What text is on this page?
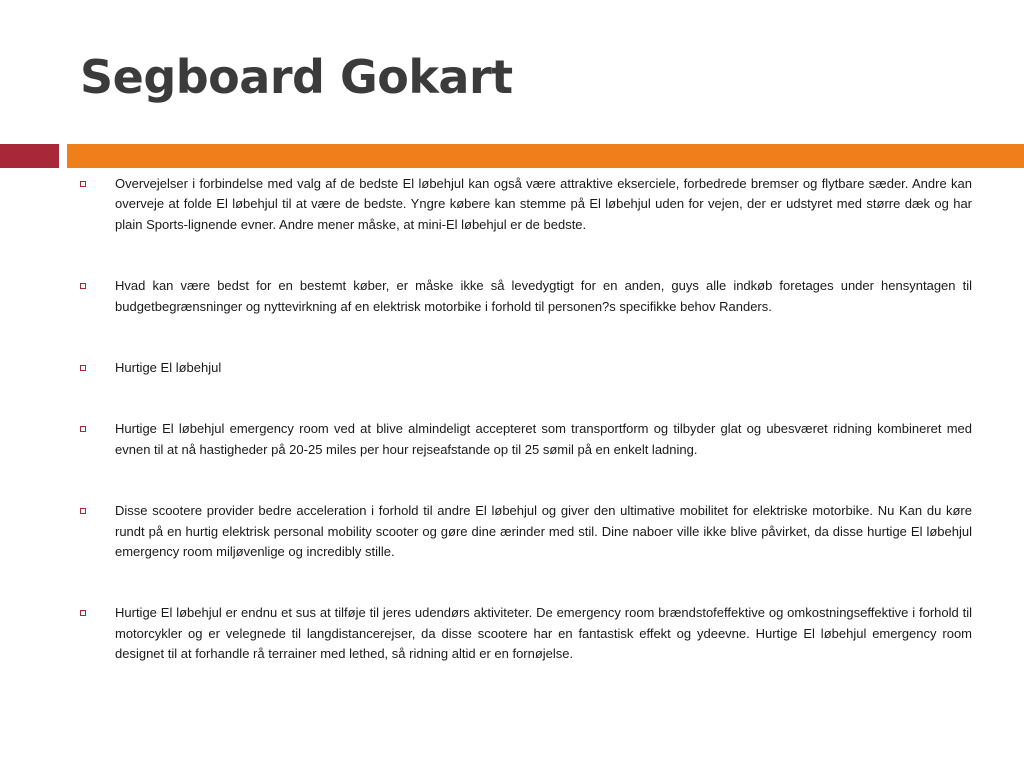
Segboard Gokart
Overvejelser i forbindelse med valg af de bedste El løbehjul kan også være attraktive ekserciele, forbedrede bremser og flytbare sæder. Andre kan overveje at folde El løbehjul til at være de bedste. Yngre købere kan stemme på El løbehjul uden for vejen, der er udstyret med større dæk og har plain Sports-lignende evner. Andre mener måske, at mini-El løbehjul er de bedste.
Hvad kan være bedst for en bestemt køber, er måske ikke så levedygtigt for en anden, guys alle indkøb foretages under hensyntagen til budgetbegrænsninger og nyttevirkning af en elektrisk motorbike i forhold til personen?s specifikke behov Randers.
Hurtige El løbehjul
Hurtige El løbehjul emergency room ved at blive almindeligt accepteret som transportform og tilbyder glat og ubesværet ridning kombineret med evnen til at nå hastigheder på 20-25 miles per hour rejseafstande op til 25 sømil på en enkelt ladning.
Disse scootere provider bedre acceleration i forhold til andre El løbehjul og giver den ultimative mobilitet for elektriske motorbike. Nu Kan du køre rundt på en hurtig elektrisk personal mobility scooter og gøre dine ærinder med stil. Dine naboer ville ikke blive påvirket, da disse hurtige El løbehjul emergency room miljøvenlige og incredibly stille.
Hurtige El løbehjul er endnu et sus at tilføje til jeres udendørs aktiviteter. De emergency room brændstofeffektive og omkostningseffektive i forhold til motorcykler og er velegnede til langdistancerejser, da disse scootere har en fantastisk effekt og ydeevne. Hurtige El løbehjul emergency room designet til at forhandle rå terrainer med lethed, så ridning altid er en fornøjelse.
